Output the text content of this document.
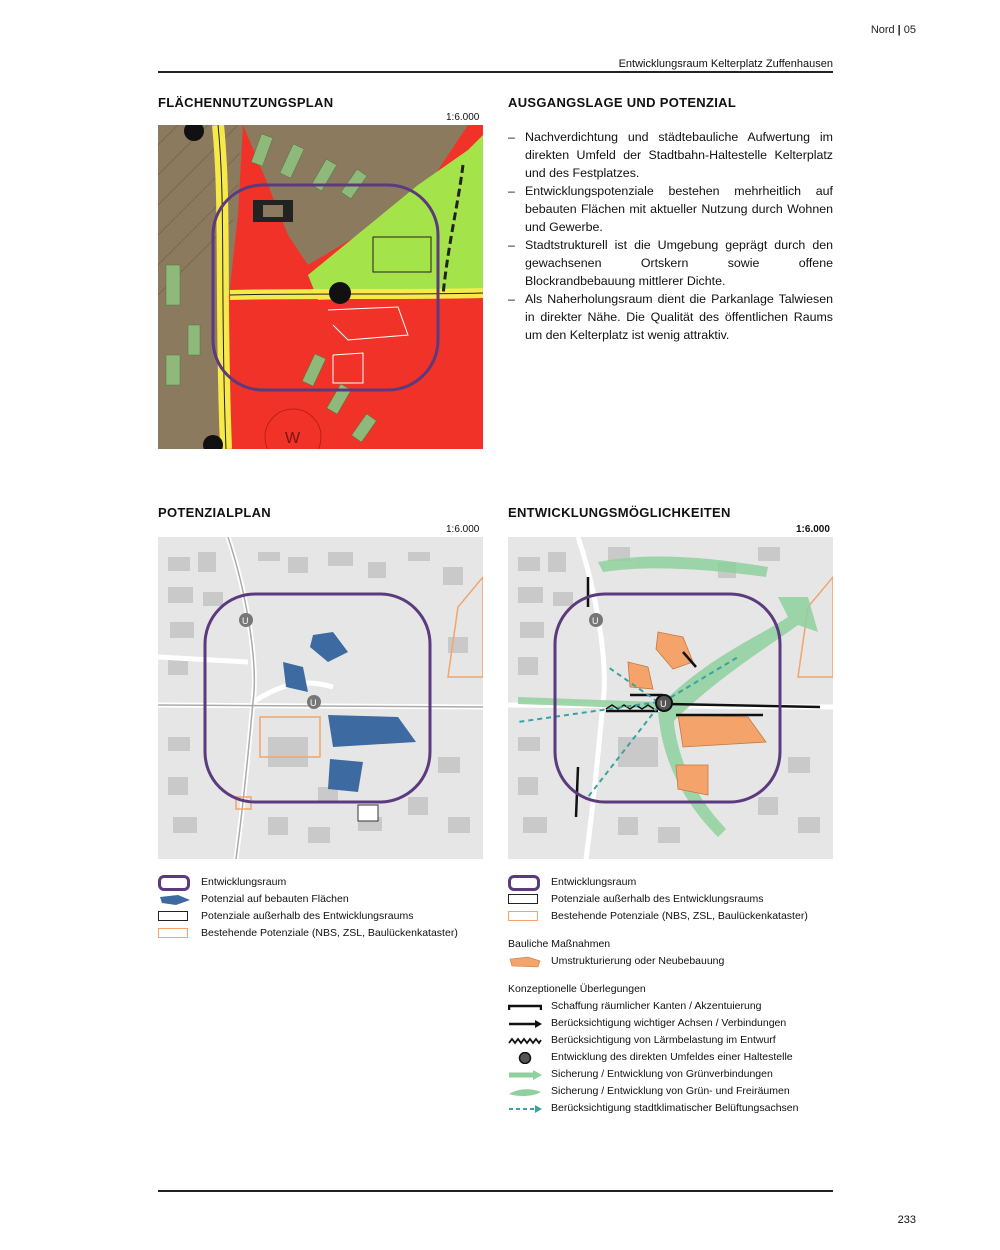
Nord | 05
Entwicklungsraum Kelterplatz Zuffenhausen
FLÄCHENNUTZUNGSPLAN
1:6.000
W
AUSGANGSLAGE UND POTENZIAL
– Nachverdichtung und städtebauliche Aufwertung im direkten Umfeld der Stadtbahn-Haltestelle Kelterplatz und des Festplatzes.
– Entwicklungspotenziale bestehen mehrheitlich auf bebauten Flächen mit aktueller Nutzung durch Wohnen und Gewerbe.
– Stadtstrukturell ist die Umgebung geprägt durch den gewachsenen Ortskern sowie offene Blockrandbebauung mittlerer Dichte.
– Als Naherholungsraum dient die Parkanlage Talwiesen in direkter Nähe. Die Qualität des öffentlichen Raums um den Kelterplatz ist wenig attraktiv.
POTENZIALPLAN
1:6.000
U
U
Entwicklungsraum
Potenzial auf bebauten Flächen
Potenziale außerhalb des Entwicklungsraums
Bestehende Potenziale (NBS, ZSL, Baulückenkataster)
ENTWICKLUNGSMÖGLICHKEITEN
1:6.000
U
U
Entwicklungsraum
Potenziale außerhalb des Entwicklungsraums
Bestehende Potenziale (NBS, ZSL, Baulückenkataster)
Bauliche Maßnahmen
Umstrukturierung oder Neubebauung
Konzeptionelle Überlegungen
Schaffung räumlicher Kanten / Akzentuierung
Berücksichtigung wichtiger Achsen / Verbindungen
Berücksichtigung von Lärmbelastung im Entwurf
Entwicklung des direkten Umfeldes einer Haltestelle
Sicherung / Entwicklung von Grünverbindungen
Sicherung / Entwicklung von Grün- und Freiräumen
Berücksichtigung stadtklimatischer Belüftungsachsen
233
